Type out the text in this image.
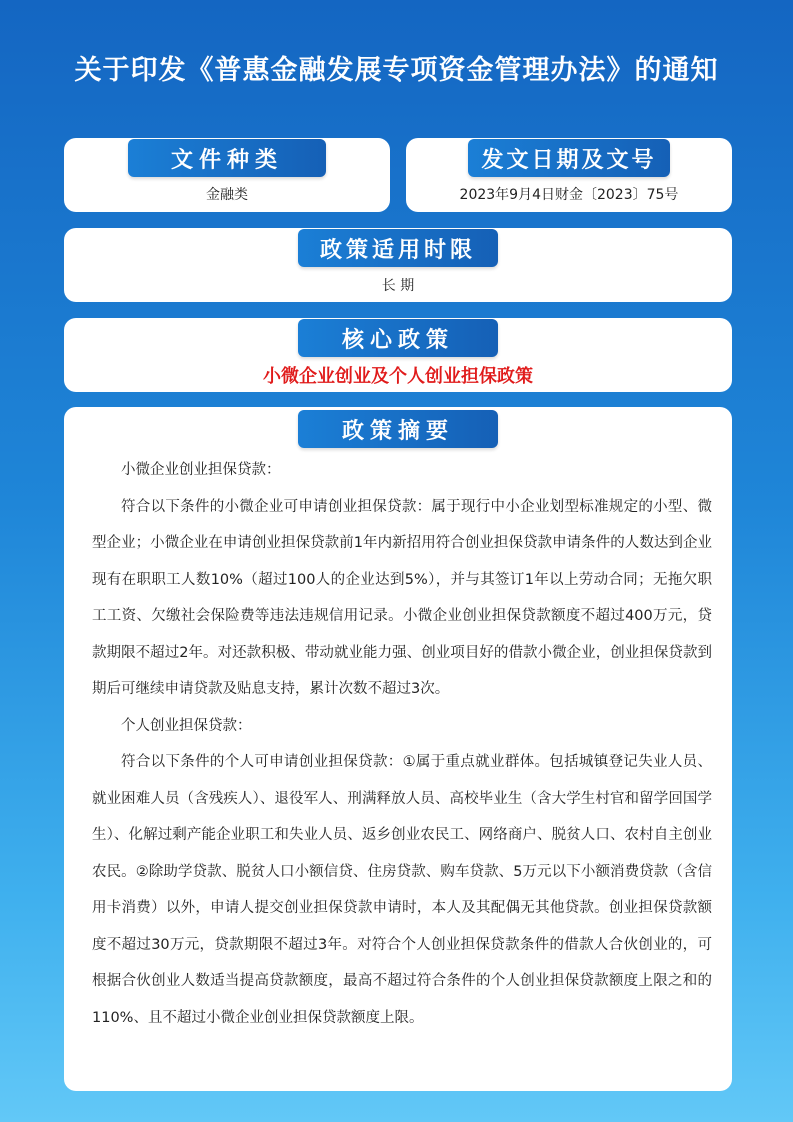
关于印发《普惠金融发展专项资金管理办法》的通知
文件种类
金融类
发文日期及文号
2023年9月4日财金〔2023〕75号
政策适用时限
长 期
核心政策
小微企业创业及个人创业担保政策
政策摘要

小微企业创业担保贷款：

符合以下条件的小微企业可申请创业担保贷款：属于现行中小企业划型标准规定的小型、微型企业；小微企业在申请创业担保贷款前1年内新招用符合创业担保贷款申请条件的人数达到企业现有在职职工人数10%（超过100人的企业达到5%），并与其签订1年以上劳动合同；无拖欠职工工资、欠缴社会保险费等违法违规信用记录。小微企业创业担保贷款额度不超过400万元，贷款期限不超过2年。对还款积极、带动就业能力强、创业项目好的借款小微企业，创业担保贷款到期后可继续申请贷款及贴息支持，累计次数不超过3次。

个人创业担保贷款：

符合以下条件的个人可申请创业担保贷款：①属于重点就业群体。包括城镇登记失业人员、就业困难人员（含残疾人）、退役军人、刑满释放人员、高校毕业生（含大学生村官和留学回国学生）、化解过剩产能企业职工和失业人员、返乡创业农民工、网络商户、脱贫人口、农村自主创业农民。②除助学贷款、脱贫人口小额信贷、住房贷款、购车贷款、5万元以下小额消费贷款（含信用卡消费）以外，申请人提交创业担保贷款申请时，本人及其配偶无其他贷款。创业担保贷款额度不超过30万元，贷款期限不超过3年。对符合个人创业担保贷款条件的借款人合伙创业的，可根据合伙创业人数适当提高贷款额度，最高不超过符合条件的个人创业担保贷款额度上限之和的110%、且不超过小微企业创业担保贷款额度上限。
